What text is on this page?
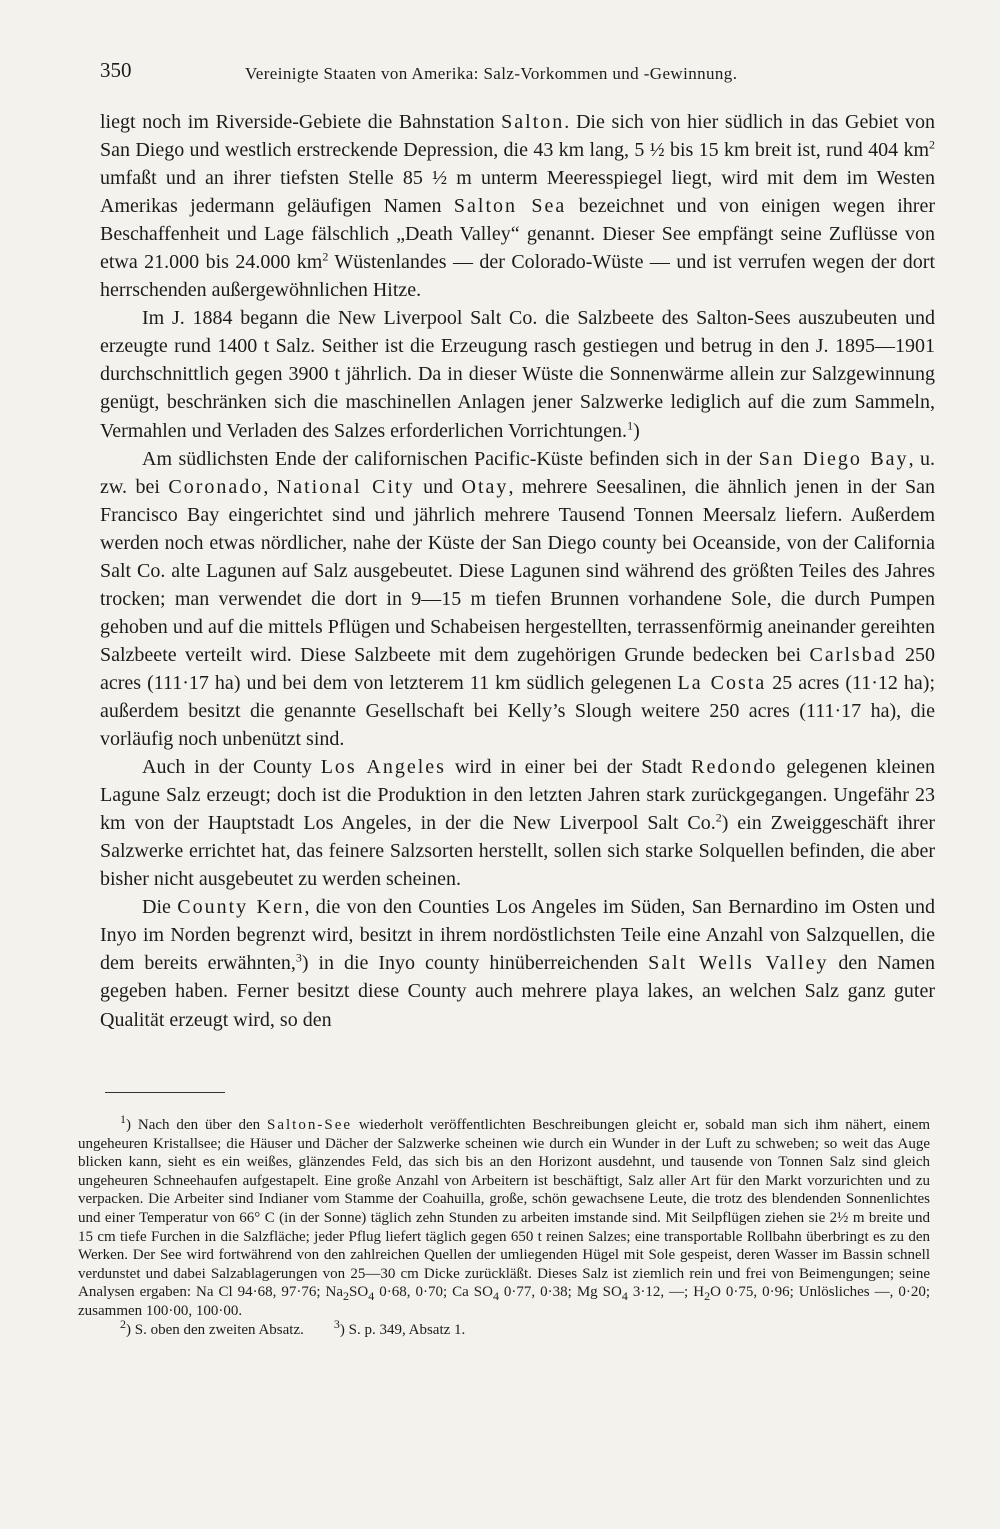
350	Vereinigte Staaten von Amerika: Salz-Vorkommen und -Gewinnung.

liegt noch im Riverside-Gebiete die Bahnstation Salton. Die sich von hier südlich in das Gebiet von San Diego und westlich erstreckende Depression, die 43 km lang, 5 ½ bis 15 km breit ist, rund 404 $km^2$ umfaßt und an ihrer tiefsten Stelle 85 ½ m unterm Meeresspiegel liegt, wird mit dem im Westen Amerikas jedermann geläufigen Namen Salton Sea bezeichnet und von einigen wegen ihrer Beschaffenheit und Lage fälschlich „Death Valley“ genannt. Dieser See empfängt seine Zuflüsse von etwa 21.000 bis 24.000 $km^2$ Wüstenlandes — der Colorado-Wüste — und ist verrufen wegen der dort herrschenden außergewöhnlichen Hitze.

Im J. 1884 begann die New Liverpool Salt Co. die Salzbeete des Salton-Sees auszubeuten und erzeugte rund 1400 t Salz. Seither ist die Erzeugung rasch gestiegen und betrug in den J. 1895—1901 durchschnittlich gegen 3900 t jährlich. Da in dieser Wüste die Sonnenwärme allein zur Salzgewinnung genügt, beschränken sich die maschinellen Anlagen jener Salzwerke lediglich auf die zum Sammeln, Vermahlen und Verladen des Salzes erforderlichen Vorrichtungen.$^1$)

Am südlichsten Ende der californischen Pacific-Küste befinden sich in der San Diego Bay, u. zw. bei Coronado, National City und Otay, mehrere Seesalinen, die ähnlich jenen in der San Francisco Bay eingerichtet sind und jährlich mehrere Tausend Tonnen Meersalz liefern. Außerdem werden noch etwas nördlicher, nahe der Küste der San Diego county bei Oceanside, von der California Salt Co. alte Lagunen auf Salz ausgebeutet. Diese Lagunen sind während des größten Teiles des Jahres trocken; man verwendet die dort in 9—15 m tiefen Brunnen vorhandene Sole, die durch Pumpen gehoben und auf die mittels Pflügen und Schabeisen hergestellten, terrassenförmig aneinander gereihten Salzbeete verteilt wird. Diese Salzbeete mit dem zugehörigen Grunde bedecken bei Carlsbad 250 acres (111·17 ha) und bei dem von letzterem 11 km südlich gelegenen La Costa 25 acres (11·12 ha); außerdem besitzt die genannte Gesellschaft bei Kelly’s Slough weitere 250 acres (111·17 ha), die vorläufig noch unbenützt sind.

Auch in der County Los Angeles wird in einer bei der Stadt Redondo gelegenen kleinen Lagune Salz erzeugt; doch ist die Produktion in den letzten Jahren stark zurückgegangen. Ungefähr 23 km von der Hauptstadt Los Angeles, in der die New Liverpool Salt Co.$^2$) ein Zweiggeschäft ihrer Salzwerke errichtet hat, das feinere Salzsorten herstellt, sollen sich starke Solquellen befinden, die aber bisher nicht ausgebeutet zu werden scheinen.

Die County Kern, die von den Counties Los Angeles im Süden, San Bernardino im Osten und Inyo im Norden begrenzt wird, besitzt in ihrem nordöstlichsten Teile eine Anzahl von Salzquellen, die dem bereits erwähnten,$^3$) in die Inyo county hinüberreichenden Salt Wells Valley den Namen gegeben haben. Ferner besitzt diese County auch mehrere playa lakes, an welchen Salz ganz guter Qualität erzeugt wird, so den

$^1$) Nach den über den Salton-See wiederholt veröffentlichten Beschreibungen gleicht er, sobald man sich ihm nähert, einem ungeheuren Kristallsee; die Häuser und Dächer der Salzwerke scheinen wie durch ein Wunder in der Luft zu schweben; so weit das Auge blicken kann, sieht es ein weißes, glänzendes Feld, das sich bis an den Horizont ausdehnt, und tausende von Tonnen Salz sind gleich ungeheuren Schneehaufen aufgestapelt. Eine große Anzahl von Arbeitern ist beschäftigt, Salz aller Art für den Markt vorzurichten und zu verpacken. Die Arbeiter sind Indianer vom Stamme der Coahuilla, große, schön gewachsene Leute, die trotz des blendenden Sonnenlichtes und einer Temperatur von 66° C (in der Sonne) täglich zehn Stunden zu arbeiten imstande sind. Mit Seilpflügen ziehen sie 2½ m breite und 15 cm tiefe Furchen in die Salzfläche; jeder Pflug liefert täglich gegen 650 t reinen Salzes; eine transportable Rollbahn überbringt es zu den Werken. Der See wird fortwährend von den zahlreichen Quellen der umliegenden Hügel mit Sole gespeist, deren Wasser im Bassin schnell verdunstet und dabei Salzablagerungen von 25—30 cm Dicke zurückläßt. Dieses Salz ist ziemlich rein und frei von Beimengungen; seine Analysen ergaben: Na Cl 94·68, 97·76; $Na_2SO_4$ 0·68, 0·70; Ca $SO_4$ 0·77, 0·38; Mg $SO_4$ 3·12, —; $H_2O$ 0·75, 0·96; Unlösliches —, 0·20; zusammen 100·00, 100·00.

$^2$) S. oben den zweiten Absatz.        $^3$) S. p. 349, Absatz 1.
